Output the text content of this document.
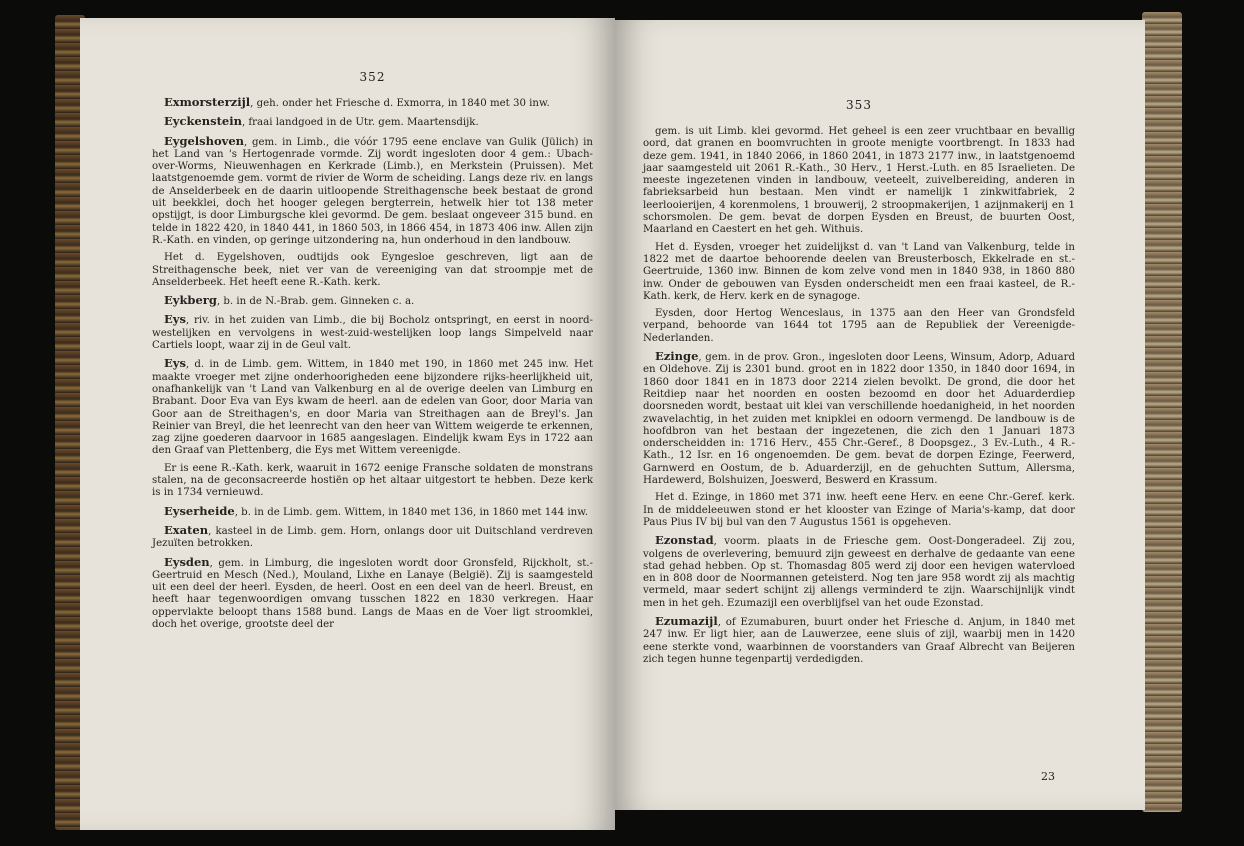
352

Exmorsterzijl, geh. onder het Friesche d. Exmorra, in 1840 met 30 inw.

Eyckenstein, fraai landgoed in de Utr. gem. Maartensdijk.

Eygelshoven, gem. in Limb., die vóór 1795 eene enclave van Gulik (Jülich) in het Land van 's Hertogenrade vormde. Zij wordt ingesloten door 4 gem.: Ubach-over-Worms, Nieuwenhagen en Kerkrade (Limb.), en Merkstein (Pruissen). Met laatstgenoemde gem. vormt de rivier de Worm de scheiding. Langs deze riv. en langs de Anselderbeek en de daarin uitloopende Streithagensche beek bestaat de grond uit beekklei, doch het hooger gelegen bergterrein, hetwelk hier tot 138 meter opstijgt, is door Limburgsche klei gevormd. De gem. beslaat ongeveer 315 bund. en telde in 1822 420, in 1840 441, in 1860 503, in 1866 454, in 1873 406 inw. Allen zijn R.-Kath. en vinden, op geringe uitzondering na, hun onderhoud in den landbouw.

Het d. Eygelshoven, oudtijds ook Eyngesloe geschreven, ligt aan de Streithagensche beek, niet ver van de vereeniging van dat stroompje met de Anselderbeek. Het heeft eene R.-Kath. kerk.

Eykberg, b. in de N.-Brab. gem. Ginneken c. a.

Eys, riv. in het zuiden van Limb., die bij Bocholz ontspringt, en eerst in noord-westelijken en vervolgens in west-zuid-westelijken loop langs Simpelveld naar Cartiels loopt, waar zij in de Geul valt.

Eys, d. in de Limb. gem. Wittem, in 1840 met 190, in 1860 met 245 inw. Het maakte vroeger met zijne onderhoorigheden eene bijzondere rijks-heerlijkheid uit, onafhankelijk van 't Land van Valkenburg en al de overige deelen van Limburg en Brabant. Door Eva van Eys kwam de heerl. aan de edelen van Goor, door Maria van Goor aan de Streithagen's, en door Maria van Streithagen aan de Breyl's. Jan Reinier van Breyl, die het leenrecht van den heer van Wittem weigerde te erkennen, zag zijne goederen daarvoor in 1685 aangeslagen. Eindelijk kwam Eys in 1722 aan den Graaf van Plettenberg, die Eys met Wittem vereenigde.

Er is eene R.-Kath. kerk, waaruit in 1672 eenige Fransche soldaten de monstrans stalen, na de geconsacreerde hostiën op het altaar uitgestort te hebben. Deze kerk is in 1734 vernieuwd.

Eyserheide, b. in de Limb. gem. Wittem, in 1840 met 136, in 1860 met 144 inw.

Exaten, kasteel in de Limb. gem. Horn, onlangs door uit Duitschland verdreven Jezuïten betrokken.

Eysden, gem. in Limburg, die ingesloten wordt door Gronsfeld, Rijckholt, st.-Geertruid en Mesch (Ned.), Mouland, Lixhe en Lanaye (België). Zij is saamgesteld uit een deel der heerl. Eysden, de heerl. Oost en een deel van de heerl. Breust, en heeft haar tegenwoordigen omvang tusschen 1822 en 1830 verkregen. Haar oppervlakte beloopt thans 1588 bund. Langs de Maas en de Voer ligt stroomklei, doch het overige, grootste deel der

353

gem. is uit Limb. klei gevormd. Het geheel is een zeer vruchtbaar en bevallig oord, dat granen en boomvruchten in groote menigte voortbrengt. In 1833 had deze gem. 1941, in 1840 2066, in 1860 2041, in 1873 2177 inw., in laatstgenoemd jaar saamgesteld uit 2061 R.-Kath., 30 Herv., 1 Herst.-Luth. en 85 Israelieten. De meeste ingezetenen vinden in landbouw, veeteelt, zuivelbereiding, anderen in fabrieksarbeid hun bestaan. Men vindt er namelijk 1 zinkwitfabriek, 2 leerlooierijen, 4 korenmolens, 1 brouwerij, 2 stroopmakerijen, 1 azijnmakerij en 1 schorsmolen. De gem. bevat de dorpen Eysden en Breust, de buurten Oost, Maarland en Caestert en het geh. Withuis.

Het d. Eysden, vroeger het zuidelijkst d. van 't Land van Valkenburg, telde in 1822 met de daartoe behoorende deelen van Breusterbosch, Ekkelrade en st.-Geertruide, 1360 inw. Binnen de kom zelve vond men in 1840 938, in 1860 880 inw. Onder de gebouwen van Eysden onderscheidt men een fraai kasteel, de R.-Kath. kerk, de Herv. kerk en de synagoge.

Eysden, door Hertog Wenceslaus, in 1375 aan den Heer van Grondsfeld verpand, behoorde van 1644 tot 1795 aan de Republiek der Vereenigde-Nederlanden.

Ezinge, gem. in de prov. Gron., ingesloten door Leens, Winsum, Adorp, Aduard en Oldehove. Zij is 2301 bund. groot en in 1822 door 1350, in 1840 door 1694, in 1860 door 1841 en in 1873 door 2214 zielen bevolkt. De grond, die door het Reitdiep naar het noorden en oosten bezoomd en door het Aduarderdiep doorsneden wordt, bestaat uit klei van verschillende hoedanigheid, in het noorden zwavelachtig, in het zuiden met knipklei en odoorn vermengd. De landbouw is de hoofdbron van het bestaan der ingezetenen, die zich den 1 Januari 1873 onderscheidden in: 1716 Herv., 455 Chr.-Geref., 8 Doopsgez., 3 Ev.-Luth., 4 R.-Kath., 12 Isr. en 16 ongenoemden. De gem. bevat de dorpen Ezinge, Feerwerd, Garnwerd en Oostum, de b. Aduarderzijl, en de gehuchten Suttum, Allersma, Hardewerd, Bolshuizen, Joeswerd, Beswerd en Krassum.

Het d. Ezinge, in 1860 met 371 inw. heeft eene Herv. en eene Chr.-Geref. kerk. In de middeleeuwen stond er het klooster van Ezinge of Maria's-kamp, dat door Paus Pius IV bij bul van den 7 Augustus 1561 is opgeheven.

Ezonstad, voorm. plaats in de Friesche gem. Oost-Dongeradeel. Zij zou, volgens de overlevering, bemuurd zijn geweest en derhalve de gedaante van eene stad gehad hebben. Op st. Thomasdag 805 werd zij door een hevigen watervloed en in 808 door de Noormannen geteisterd. Nog ten jare 958 wordt zij als machtig vermeld, maar sedert schijnt zij allengs verminderd te zijn. Waarschijnlijk vindt men in het geh. Ezumazijl een overblijfsel van het oude Ezonstad.

Ezumazijl, of Ezumaburen, buurt onder het Friesche d. Anjum, in 1840 met 247 inw. Er ligt hier, aan de Lauwerzee, eene sluis of zijl, waarbij men in 1420 eene sterkte vond, waarbinnen de voorstanders van Graaf Albrecht van Beijeren zich tegen hunne tegenpartij verdedigden.

23
